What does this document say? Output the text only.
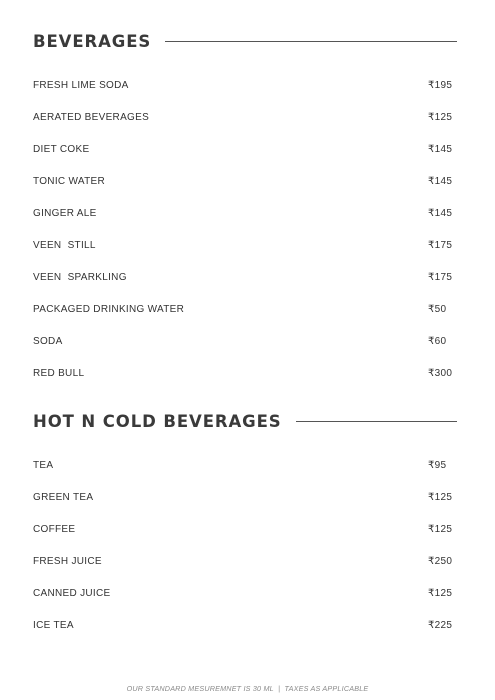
BEVERAGES
FRESH LIME SODA	₹195
AERATED BEVERAGES	₹125
DIET COKE	₹145
TONIC WATER	₹145
GINGER ALE	₹145
VEEN  STILL	₹175
VEEN  SPARKLING	₹175
PACKAGED DRINKING WATER	₹50
SODA	₹60
RED BULL	₹300
HOT N COLD BEVERAGES
TEA	₹95
GREEN TEA	₹125
COFFEE	₹125
FRESH JUICE	₹250
CANNED JUICE	₹125
ICE TEA	₹225
OUR STANDARD MESUREMNET IS 30 ML  |  TAXES AS APPLICABLE
